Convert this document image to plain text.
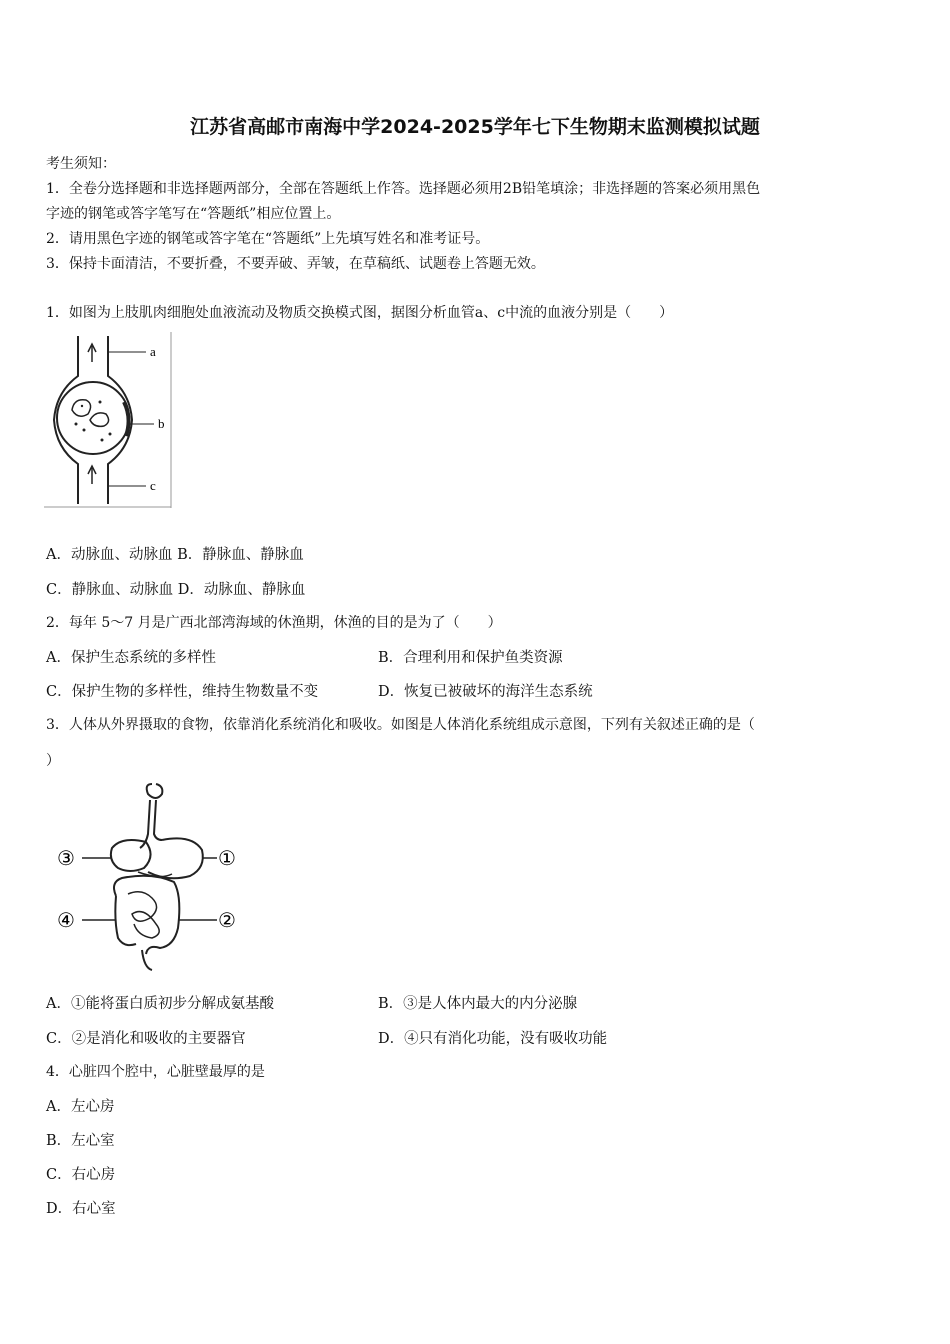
江苏省高邮市南海中学2024-2025学年七下生物期末监测模拟试题
考生须知：
1．全卷分选择题和非选择题两部分，全部在答题纸上作答。选择题必须用2B铅笔填涂；非选择题的答案必须用黑色
字迹的钢笔或答字笔写在“答题纸”相应位置上。
2．请用黑色字迹的钢笔或答字笔在“答题纸”上先填写姓名和准考证号。
3．保持卡面清洁，不要折叠，不要弄破、弄皱，在草稿纸、试题卷上答题无效。
1．如图为上肢肌肉细胞处血液流动及物质交换模式图，据图分析血管a、c中流的血液分别是（　　）
a
b
c
A．动脉血、动脉血 B．静脉血、静脉血
C．静脉血、动脉血 D．动脉血、静脉血
2．每年 5～7 月是广西北部湾海域的休渔期，休渔的目的是为了（　　）
A．保护生态系统的多样性	B．合理利用和保护鱼类资源
C．保护生物的多样性，维持生物数量不变	D．恢复已被破坏的海洋生态系统
3．人体从外界摄取的食物，依靠消化系统消化和吸收。如图是人体消化系统组成示意图，下列有关叙述正确的是（
）
③	①
④	②
A．①能将蛋白质初步分解成氨基酸	B．③是人体内最大的内分泌腺
C．②是消化和吸收的主要器官	D．④只有消化功能，没有吸收功能
4．心脏四个腔中，心脏壁最厚的是
A．左心房
B．左心室
C．右心房
D．右心室
